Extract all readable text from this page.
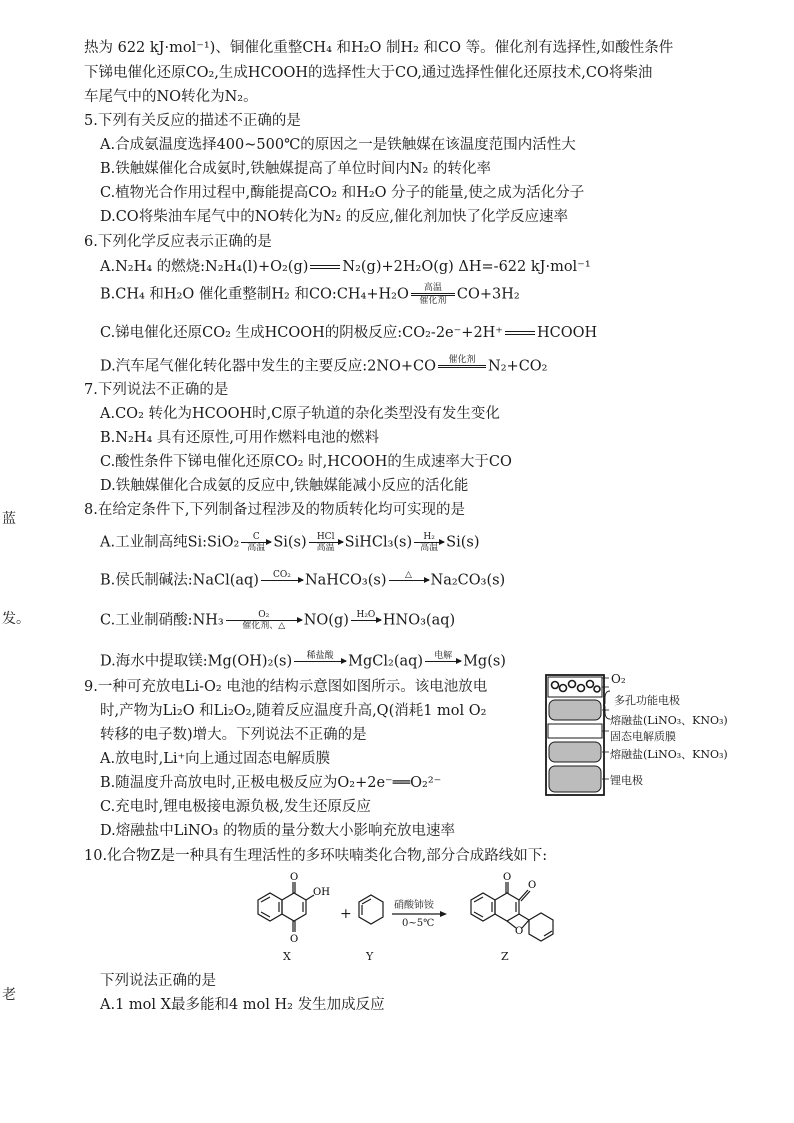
热为 622 kJ·mol⁻¹)、铜催化重整CH₄ 和H₂O 制H₂ 和CO 等。催化剂有选择性,如酸性条件
下锑电催化还原CO₂,生成HCOOH的选择性大于CO,通过选择性催化还原技术,CO将柴油
车尾气中的NO转化为N₂。
5.下列有关反应的描述不正确的是
A.合成氨温度选择400~500℃的原因之一是铁触媒在该温度范围内活性大
B.铁触媒催化合成氨时,铁触媒提高了单位时间内N₂ 的转化率
C.植物光合作用过程中,酶能提高CO₂ 和H₂O 分子的能量,使之成为活化分子
D.CO将柴油车尾气中的NO转化为N₂ 的反应,催化剂加快了化学反应速率
6.下列化学反应表示正确的是
A.N₂H₄ 的燃烧:N₂H₄(l)+O₂(g) N₂(g)+2H₂O(g) ΔH=-622 kJ·mol⁻¹
B.CH₄ 和H₂O 催化重整制H₂ 和CO:CH₄+H₂O	高温
催化剂 CO+3H₂
C.锑电催化还原CO₂ 生成HCOOH的阴极反应:CO₂-2e⁻+2H⁺ HCOOH
D.汽车尾气催化转化器中发生的主要反应:2NO+CO	催化剂
N₂+CO₂
7.下列说法不正确的是
A.CO₂ 转化为HCOOH时,C原子轨道的杂化类型没有发生变化
B.N₂H₄ 具有还原性,可用作燃料电池的燃料
C.酸性条件下锑电催化还原CO₂ 时,HCOOH的生成速率大于CO
D.铁触媒催化合成氨的反应中,铁触媒能减小反应的活化能
8.在给定条件下,下列制备过程涉及的物质转化均可实现的是
A.工业制高纯Si:SiO₂	C
高温 Si(s)	HCl
高温 SiHCl₃(s)	H₂
高温 Si(s)
B.侯氏制碱法:NaCl(aq)	CO₂
NaHCO₃(s)	△
	Na₂CO₃(s)
C.工业制硝酸:NH₃	O₂
催化剂、△	NO(g) H₂O
HNO₃(aq)
D.海水中提取镁:Mg(OH)₂(s)	稀盐酸
	MgCl₂(aq)	电解
Mg(s)
9.一种可充放电Li-O₂ 电池的结构示意图如图所示。该电池放电
时,产物为Li₂O 和Li₂O₂,随着反应温度升高,Q(消耗1 mol O₂
转移的电子数)增大。下列说法不正确的是
A.放电时,Li⁺向上通过固态电解质膜
B.随温度升高放电时,正极电极反应为O₂+2e⁻══O₂²⁻
C.充电时,锂电极接电源负极,发生还原反应
D.熔融盐中LiNO₃ 的物质的量分数大小影响充放电速率
O₂
多孔功能电极
熔融盐(LiNO₃、KNO₃)
固态电解质膜
熔融盐(LiNO₃、KNO₃)
锂电极
10.化合物Z是一种具有生理活性的多环呋喃类化合物,部分合成路线如下:
O
O
OH
X
+
Y
硝酸铈铵
0~5℃
O
O
O
Z
下列说法正确的是
A.1 mol X最多能和4 mol H₂ 发生加成反应
蓝
发。
老
